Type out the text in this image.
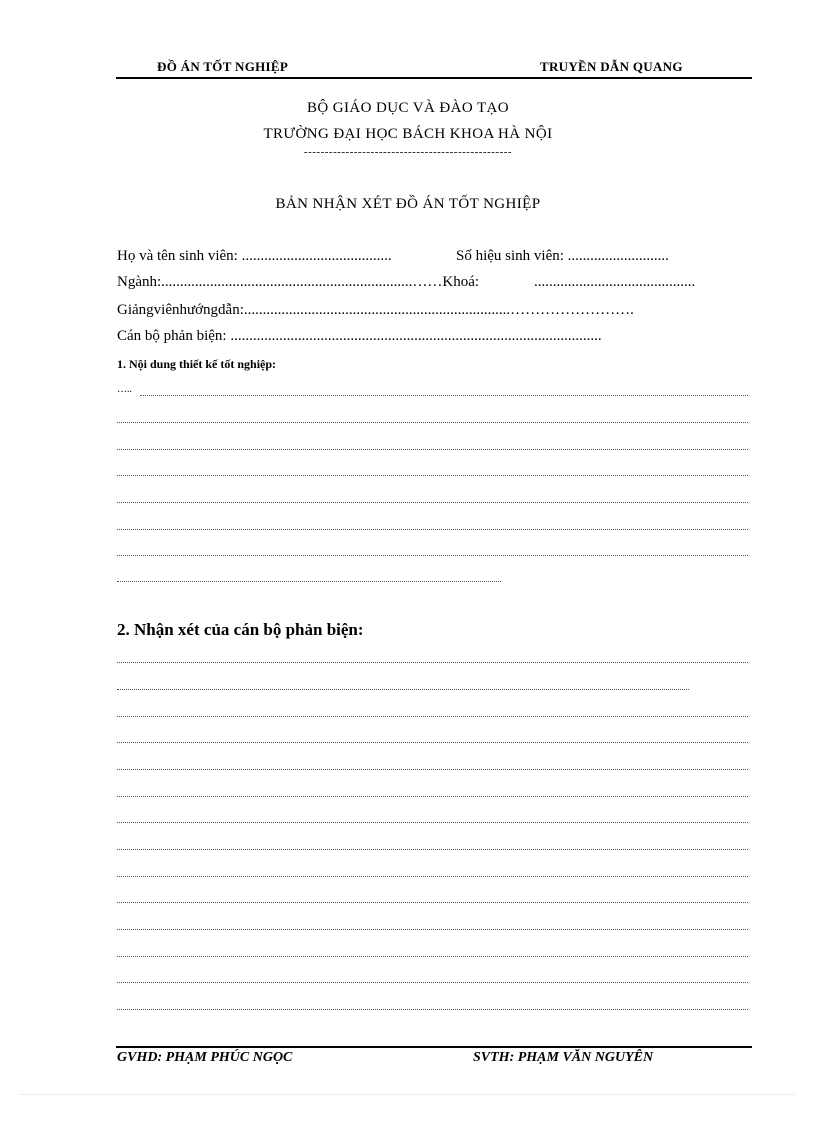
ĐỒ ÁN TỐT NGHIỆP	TRUYỀN DẪN QUANG
BỘ GIÁO DỤC VÀ ĐÀO TẠO
TRƯỜNG ĐẠI HỌC BÁCH KHOA HÀ NỘI
--------------------------------------------------
BẢN NHẬN XÉT ĐỒ ÁN TỐT NGHIỆP
Họ và tên sinh viên: ........................................	Số hiệu sinh viên: ...........................
Ngành:...................................................................……Khoá:	...........................................
Giảngviênhướngdẫn:.......................................................................…………………….
Cán bộ phản biện: ...................................................................................................
1. Nội dung thiết kế tốt nghiệp:
…..
2. Nhận xét của cán bộ phản biện:
GVHD: PHẠM PHÚC NGỌC	SVTH: PHẠM VĂN NGUYÊN
